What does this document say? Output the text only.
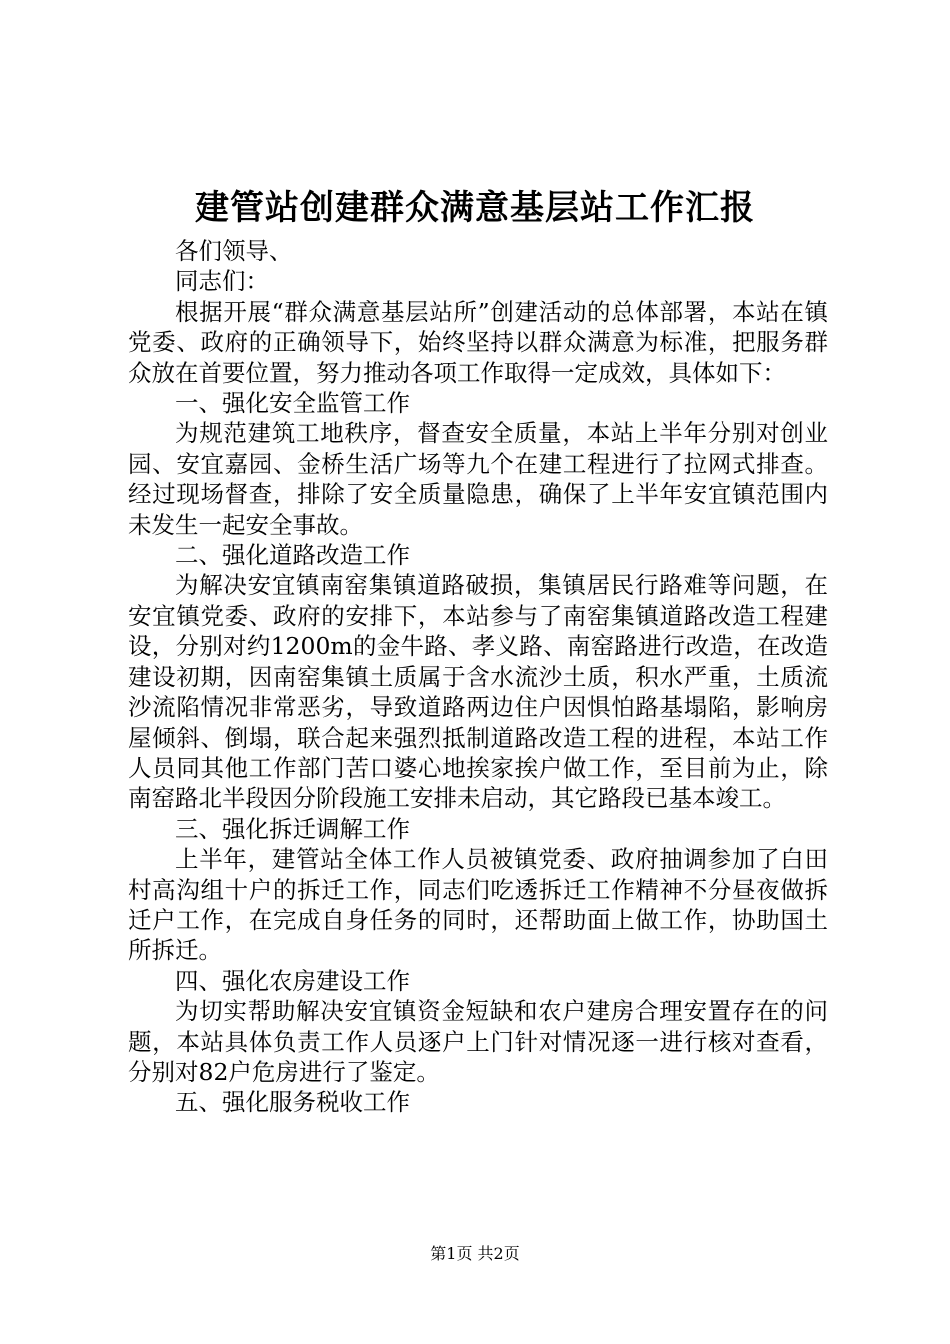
建管站创建群众满意基层站工作汇报

各们领导、

同志们：

根据开展“群众满意基层站所”创建活动的总体部署，本站在镇党委、政府的正确领导下，始终坚持以群众满意为标准，把服务群众放在首要位置，努力推动各项工作取得一定成效，具体如下：

一、强化安全监管工作

为规范建筑工地秩序，督查安全质量，本站上半年分别对创业园、安宜嘉园、金桥生活广场等九个在建工程进行了拉网式排查。经过现场督查，排除了安全质量隐患，确保了上半年安宜镇范围内未发生一起安全事故。

二、强化道路改造工作

为解决安宜镇南窑集镇道路破损，集镇居民行路难等问题，在安宜镇党委、政府的安排下，本站参与了南窑集镇道路改造工程建设，分别对约1200m的金牛路、孝义路、南窑路进行改造，在改造建设初期，因南窑集镇土质属于含水流沙土质，积水严重，土质流沙流陷情况非常恶劣，导致道路两边住户因惧怕路基塌陷，影响房屋倾斜、倒塌，联合起来强烈抵制道路改造工程的进程，本站工作人员同其他工作部门苦口婆心地挨家挨户做工作，至目前为止，除南窑路北半段因分阶段施工安排未启动，其它路段已基本竣工。

三、强化拆迁调解工作

上半年，建管站全体工作人员被镇党委、政府抽调参加了白田村高沟组十户的拆迁工作，同志们吃透拆迁工作精神不分昼夜做拆迁户工作，在完成自身任务的同时，还帮助面上做工作，协助国土所拆迁。

四、强化农房建设工作

为切实帮助解决安宜镇资金短缺和农户建房合理安置存在的问题，本站具体负责工作人员逐户上门针对情况逐一进行核对查看，分别对82户危房进行了鉴定。

五、强化服务税收工作

第1页 共2页
